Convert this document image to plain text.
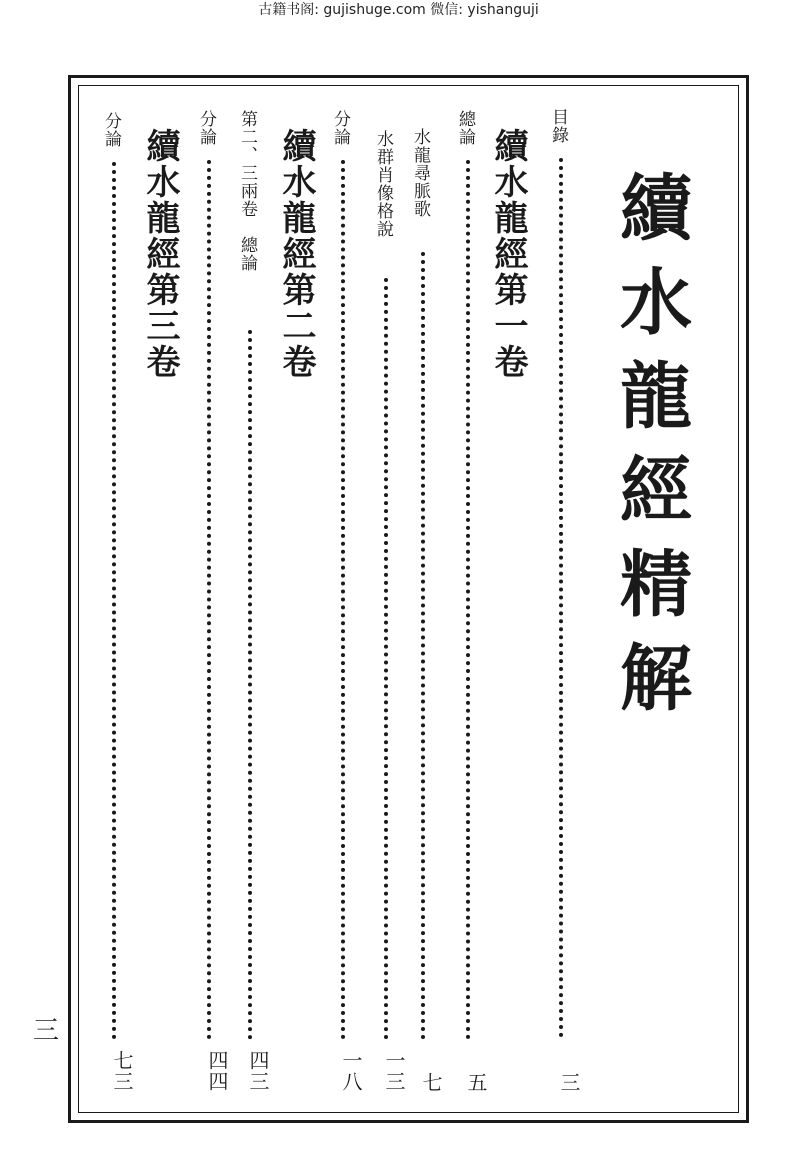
古籍书阁: gujishuge.com 微信: yishanguji
續水龍經精解
目錄
三
續水龍經第一卷
總論
五
水龍尋脈歌
七
水群肖像格說
一三
分論
一八
續水龍經第二卷
第二、三兩卷　總論
四三
分論
四四
續水龍經第三卷
分論
七三
三
